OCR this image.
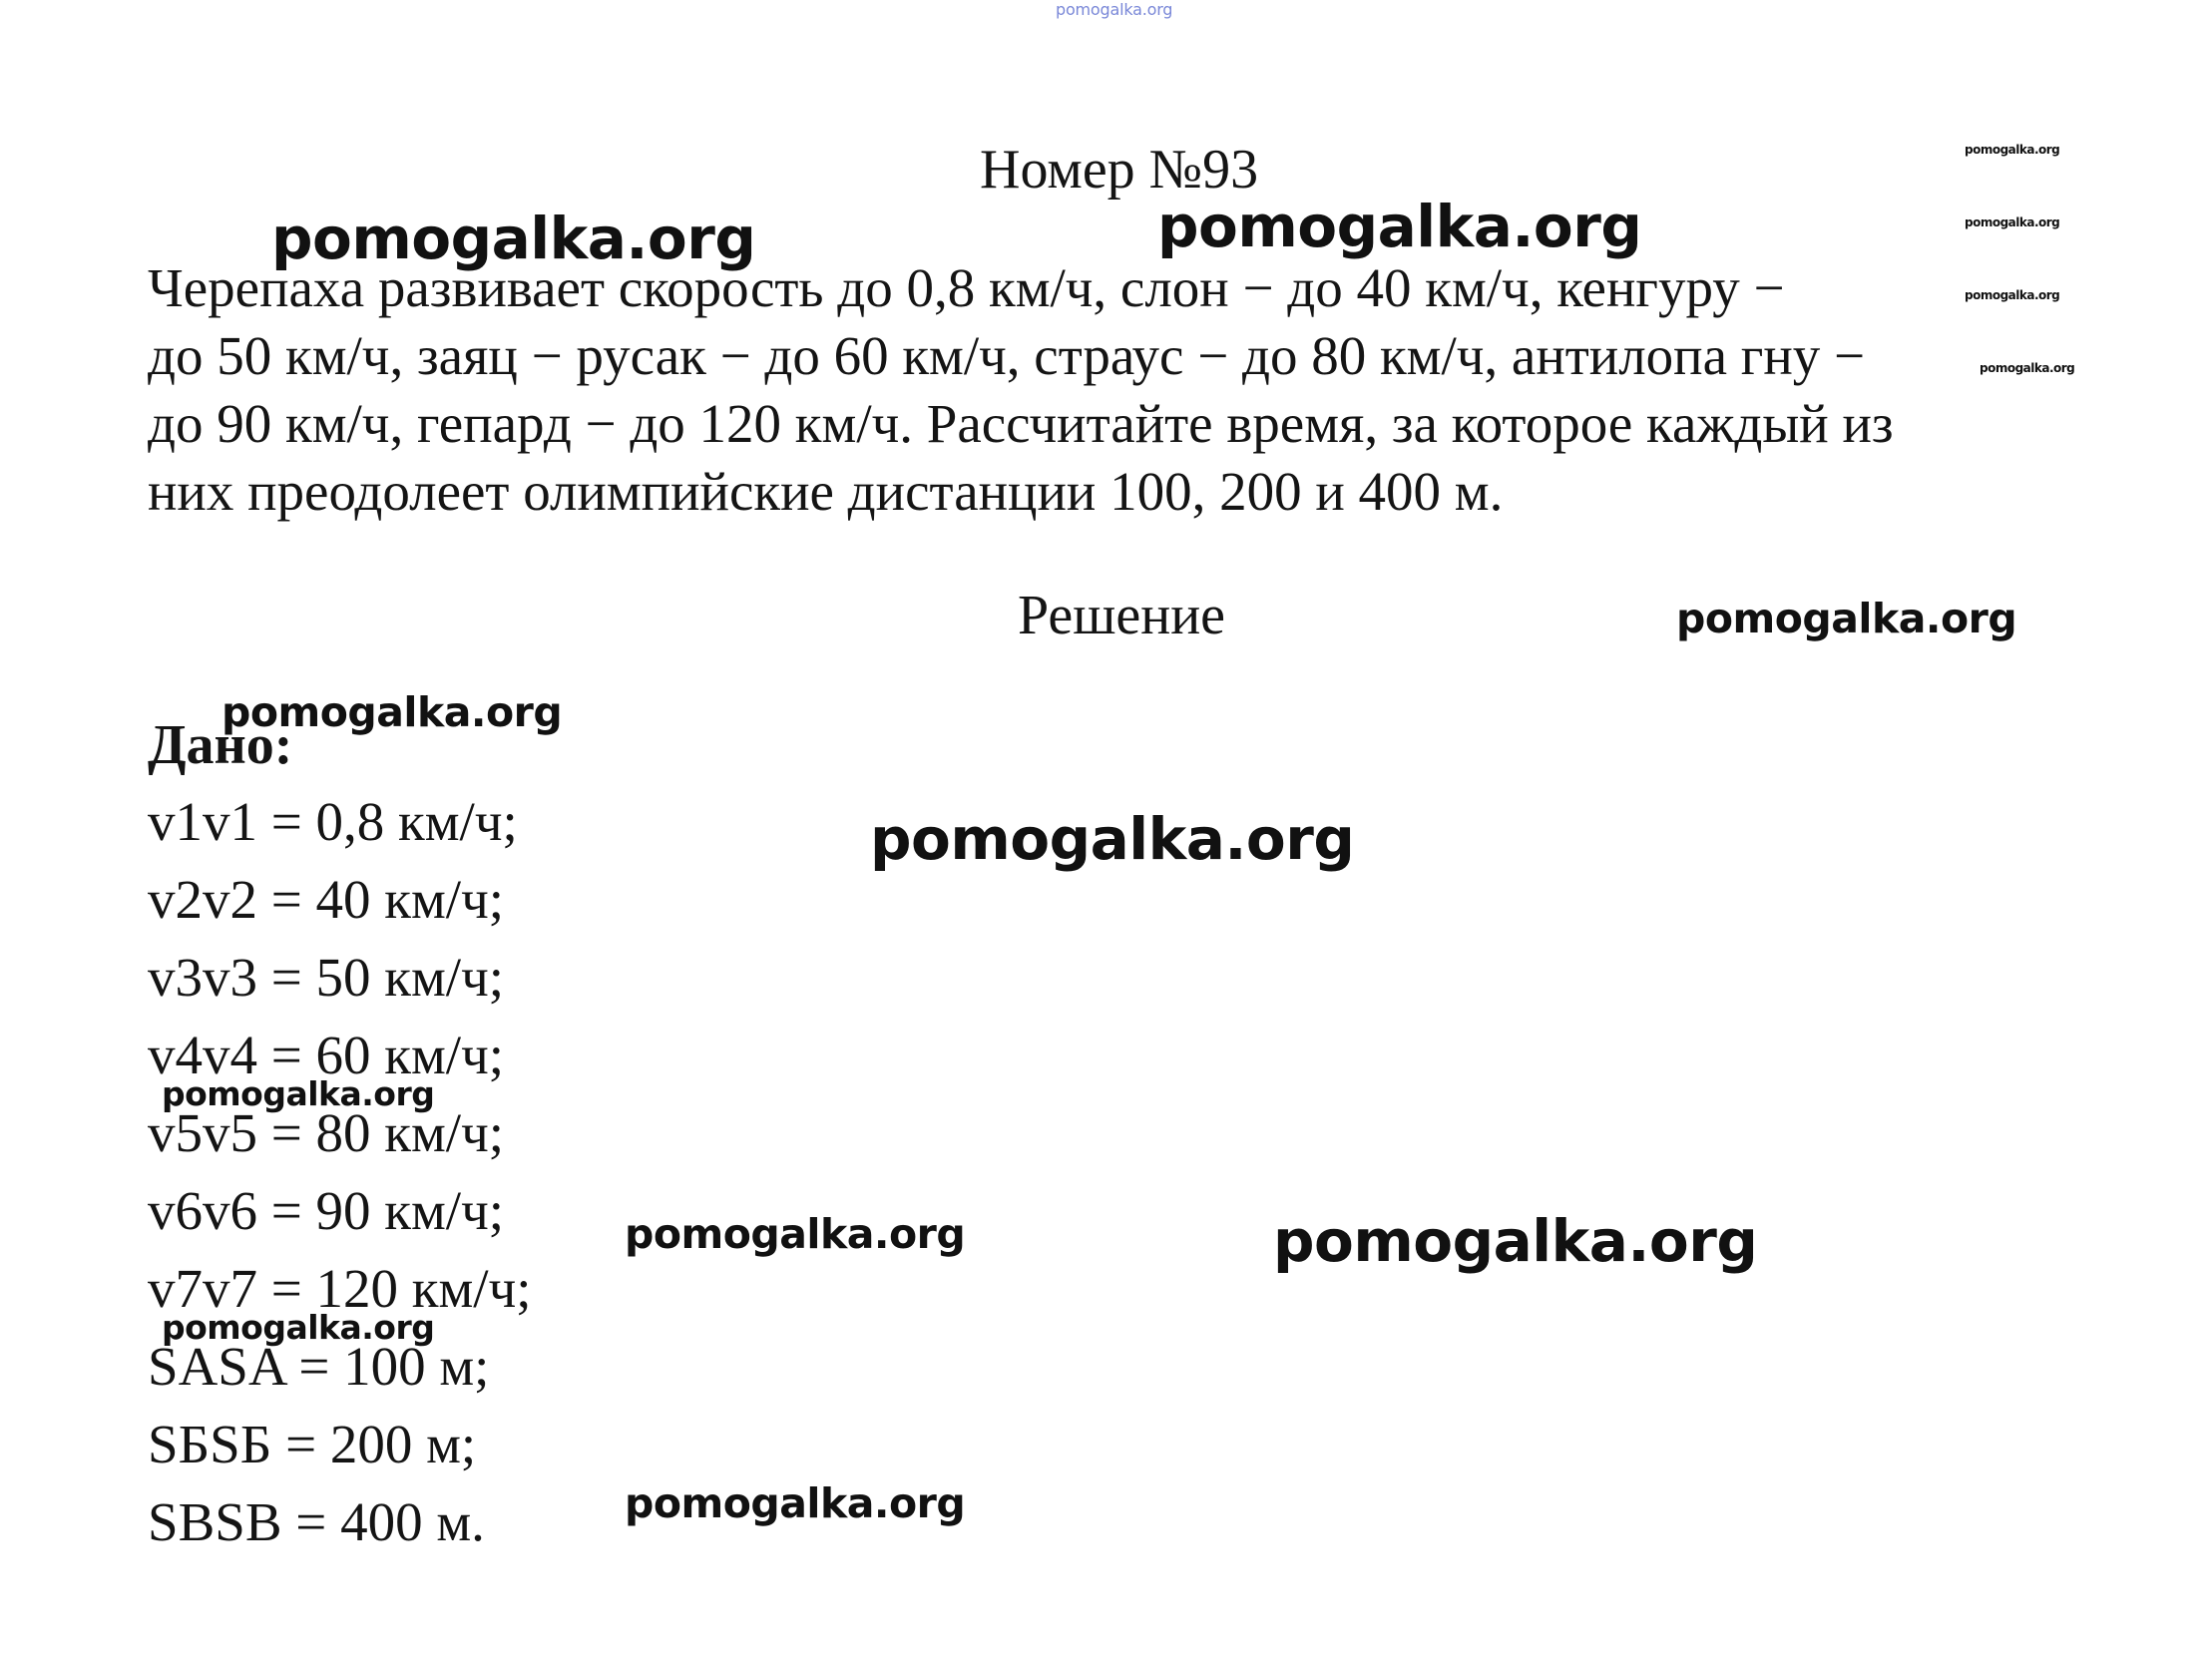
pomogalka.org
Номер №93
Черепаха развивает скорость до 0,8 км/ч, слон − до 40 км/ч, кенгуру −
до 50 км/ч, заяц − русак − до 60 км/ч, страус − до 80 км/ч, антилопа гну −
до 90 км/ч, гепард − до 120 км/ч. Рассчитайте время, за которое каждый из
них преодолеет олимпийские дистанции 100, 200 и 400 м.
Решение
Дано:
v1v1 = 0,8 км/ч;
v2v2 = 40 км/ч;
v3v3 = 50 км/ч;
v4v4 = 60 км/ч;
v5v5 = 80 км/ч;
v6v6 = 90 км/ч;
v7v7 = 120 км/ч;
SASA = 100 м;
SБSБ = 200 м;
SBSB = 400 м.
pomogalka.org	pomogalka.org
pomogalka.org
pomogalka.org
pomogalka.org
pomogalka.org
pomogalka.org
pomogalka.org
pomogalka.org
pomogalka.org
pomogalka.org	pomogalka.org
pomogalka.org
pomogalka.org
